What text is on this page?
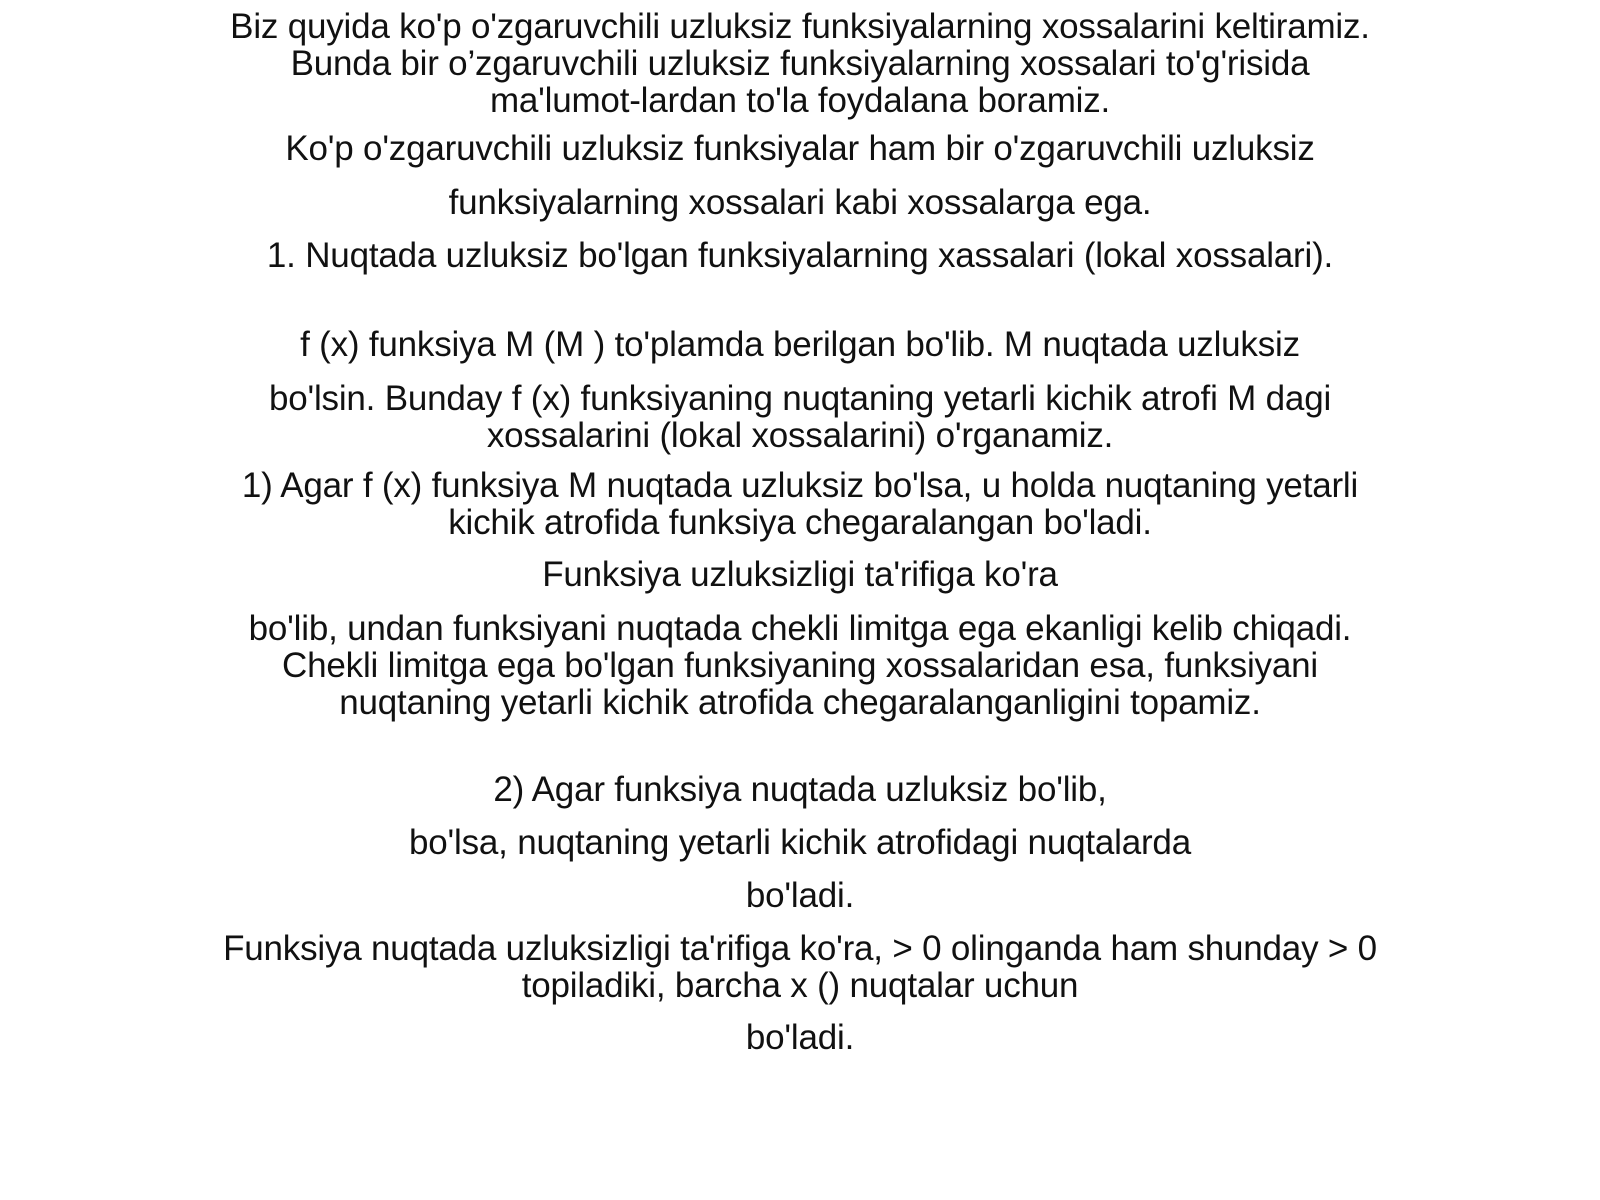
Biz quyida ko'p o'zgaruvchili uzluksiz funksiyalarning xossalarini keltiramiz. Bunda bir o’zgaruvchili uzluksiz funksiyalarning xossalari to'g'risida ma'lumot-lardan to'la foydalana boramiz.

Ko'p o'zgaruvchili uzluksiz funksiyalar ham bir o'zgaruvchili uzluksiz

funksiyalarning xossalari kabi xossalarga ega.

1. Nuqtada uzluksiz bo'lgan funksiyalarning xassalari (lokal xossalari).

f (x) funksiya M (M ) to'plamda berilgan bo'lib. M nuqtada uzluksiz

bo'lsin. Bunday f (x) funksiyaning nuqtaning yetarli kichik atrofi M dagi xossalarini (lokal xossalarini) o'rganamiz.

1) Agar f (x) funksiya M nuqtada uzluksiz bo'lsa, u holda nuqtaning yetarli kichik atrofida funksiya chegaralangan bo'ladi.

Funksiya uzluksizligi ta'rifiga ko'ra

bo'lib, undan funksiyani nuqtada chekli limitga ega ekanligi kelib chiqadi. Chekli limitga ega bo'lgan funksiyaning xossalaridan esa, funksiyani nuqtaning yetarli kichik atrofida chegaralanganligini topamiz.

2) Agar funksiya nuqtada uzluksiz bo'lib,

bo'lsa, nuqtaning yetarli kichik atrofidagi nuqtalarda

bo'ladi.

Funksiya nuqtada uzluksizligi ta'rifiga ko'ra, > 0 olinganda ham shunday > 0 topiladiki, barcha x () nuqtalar uchun

bo'ladi.
